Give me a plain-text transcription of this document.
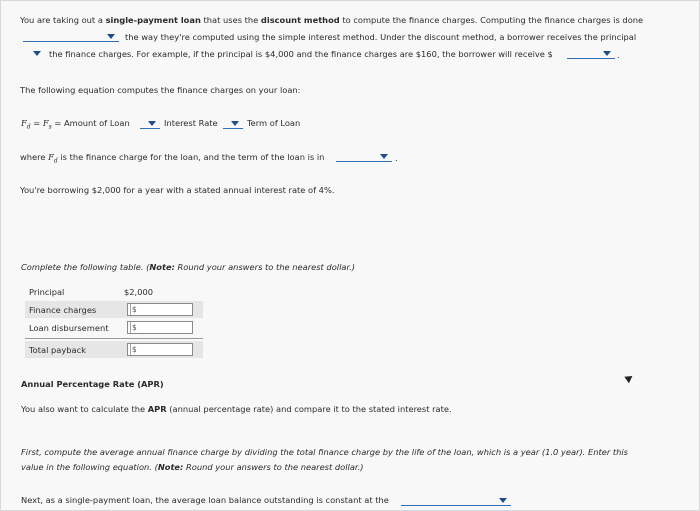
You are taking out a single-payment loan that uses the discount method to compute the finance charges. Computing the finance charges is done
the way they're computed using the simple interest method. Under the discount method, a borrower receives the principal
the finance charges. For example, if the principal is $4,000 and the finance charges are $160, the borrower will receive $	.
The following equation computes the finance charges on your loan:
$F_d = F_s$ = Amount of Loan	Interest Rate	Term of Loan
where $F_d$ is the finance charge for the loan, and the term of the loan is in	.
You're borrowing $2,000 for a year with a stated annual interest rate of 4%.
Complete the following table. (Note: Round your answers to the nearest dollar.)
Principal	$2,000
Finance charges	$
Loan disbursement	$
Total payback	$
Annual Percentage Rate (APR)
You also want to calculate the APR (annual percentage rate) and compare it to the stated interest rate.
First, compute the average annual finance charge by dividing the total finance charge by the life of the loan, which is a year (1.0 year). Enter this
value in the following equation. (Note: Round your answers to the nearest dollar.)
Next, as a single-payment loan, the average loan balance outstanding is constant at the
